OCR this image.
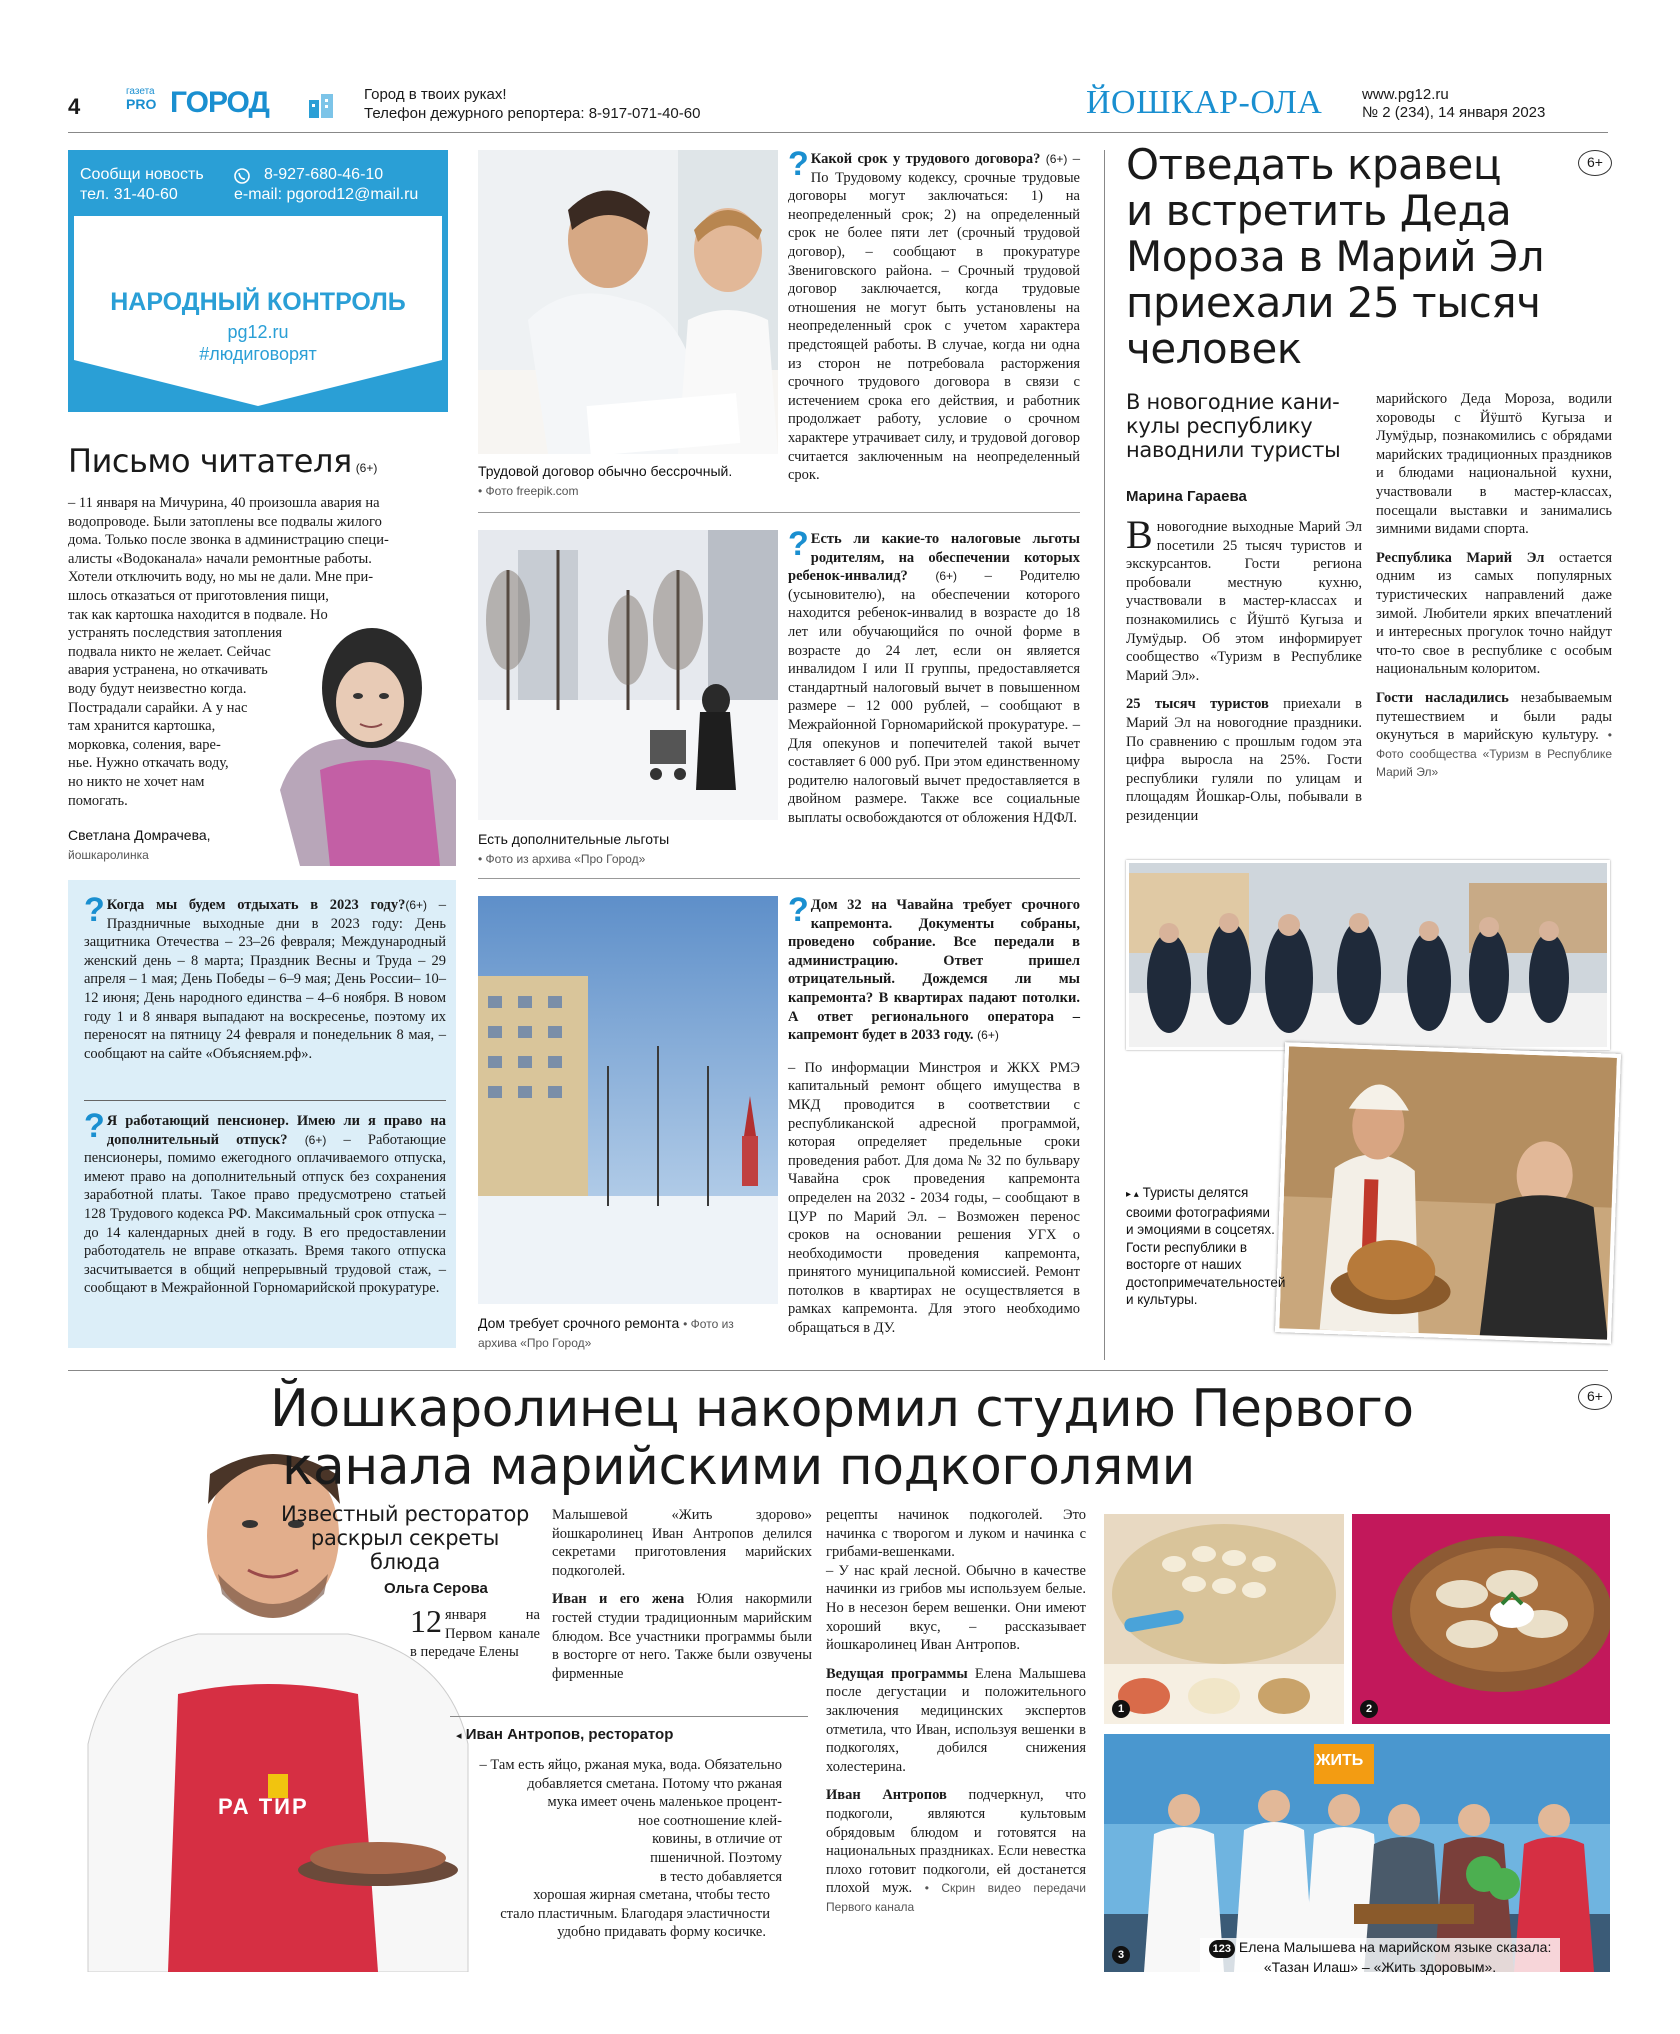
4
газета
PRO ГОРОД	Город в твоих руках!
Телефон дежурного репортера: 8-917-071-40-60	ЙОШКАР-ОЛА	www.pg12.ru
№ 2 (234), 14 января 2023
Сообщи новость
тел. 31-40-60
8-927-680-46-10
e-mail: pgorod12@mail.ru
НАРОДНЫЙ КОНТРОЛЬ
pg12.ru
#людиговорят
Письмо читателя (6+)
– 11 января на Мичурина, 40 произошла авария на
водопроводе. Были затоплены все подвалы жилого
дома. Только после звонка в администрацию специ-
алисты «Водоканала» начали ремонтные работы.
Хотели отключить воду, но мы не дали. Мне при-
шлось отказаться от приготовления пищи,
так как картошка находится в подвале. Но
устранять последствия затопления
подвала никто не желает. Сейчас
авария устранена, но откачивать
воду будут неизвестно когда.
Пострадали сарайки. А у нас
там хранится картошка,
морковка, соления, варе-
нье. Нужно откачать воду,
но никто не хочет нам
помогать.
Светлана Домрачева,
йошкаролинка
? Когда мы будем отдыхать в 2023 году?(6+) – Праздничные выходные дни в 2023 году: День защитника Отечества – 23–26 февраля; Международный женский день – 8 марта; Праздник Весны и Труда – 29 апреля – 1 мая; День Победы – 6–9 мая; День России– 10–12 июня; День народного единства – 4–6 ноября. В новом году 1 и 8 января выпадают на воскресенье, поэтому их переносят на пятницу 24 февраля и понедельник 8 мая, – сообщают на сайте «Объясняем.рф».
? Я работающий пенсионер. Имею ли я право на дополнительный отпуск? (6+) – Работающие пенсионеры, помимо ежегодного оплачиваемого отпуска, имеют право на дополнительный отпуск без сохранения заработной платы. Такое право предусмотрено статьей 128 Трудового кодекса РФ. Максимальный срок отпуска – до 14 календарных дней в году. В его предоставлении работодатель не вправе отказать. Время такого отпуска засчитывается в общий непрерывный трудовой стаж, – сообщают в Межрайонной Горномарийской прокуратуре.
Трудовой договор обычно бессрочный.
• Фото freepik.com
Есть дополнительные льготы
• Фото из архива «Про Город»
Дом требует срочного ремонта • Фото из
архива «Про Город»
? Какой срок у трудового договора? (6+) – По Трудовому кодексу, срочные трудовые договоры могут заключаться: 1) на неопределенный срок; 2) на определенный срок не более пяти лет (срочный трудовой договор), – сообщают в прокуратуре Звениговского района. – Срочный трудовой договор заключается, когда трудовые отношения не могут быть установлены на неопределенный срок с учетом характера предстоящей работы. В случае, когда ни одна из сторон не потребовала расторжения срочного трудового договора в связи с истечением срока его действия, и работник продолжает работу, условие о срочном характере утрачивает силу, и трудовой договор считается заключенным на неопределенный срок.
? Есть ли какие-то налоговые льготы родителям, на обеспечении которых ребенок-инвалид? (6+) – Родителю (усыновителю), на обеспечении которого находится ребенок-инвалид в возрасте до 18 лет или обучающийся по очной форме в возрасте до 24 лет, если он является инвалидом I или II группы, предоставляется стандартный налоговый вычет в повышенном размере – 12 000 рублей, – сообщают в Межрайонной Горномарийской прокуратуре. – Для опекунов и попечителей такой вычет составляет 6 000 руб. При этом единственному родителю налоговый вычет предоставляется в двойном размере. Также все социальные выплаты освобождаются от обложения НДФЛ.
? Дом 32 на Чавайна требует срочного капремонта. Документы собраны, проведено собрание. Все передали в администрацию. Ответ пришел отрицательный. Дождемся ли мы капремонта? В квартирах падают потолки. А ответ регионального оператора – капремонт будет в 2033 году. (6+)
– По информации Минстроя и ЖКХ РМЭ капитальный ремонт общего имущества в МКД проводится в соответствии с республиканской адресной программой, которая определяет предельные сроки проведения работ. Для дома № 32 по бульвару Чавайна срок проведения капремонта определен на 2032 - 2034 годы, – сообщают в ЦУР по Марий Эл. – Возможен перенос сроков на основании решения УГХ о необходимости проведения капремонта, принятого муниципальной комиссией. Ремонт потолков в квартирах не осуществляется в рамках капремонта. Для этого необходимо обращаться в ДУ.
Отведать кравец
и встретить Деда
Мороза в Марий Эл
приехали 25 тысяч
человек
6+
В новогодние кани-
кулы республику
наводнили туристы
Марина Гараева
Вновогодние выходные Марий Эл посетили 25 тысяч туристов и экскурсантов. Гости региона пробовали местную кухню, участвовали в мастер-классах и познакомились с Йӱштӧ Кугыза и Лумӱдыр. Об этом информирует сообщество «Туризм в Республике Марий Эл».
25 тысяч туристов приехали в Марий Эл на новогодние праздники. По сравнению с прошлым годом эта цифра выросла на 25%. Гости республики гуляли по улицам и площадям Йошкар-Олы, побывали в резиденции
марийского Деда Мороза, водили хороводы с Йӱштӧ Кугыза и Лумӱдыр, познакомились с обрядами марийских традиционных праздников и блюдами национальной кухни, участвовали в мастер-классах, посещали выставки и занимались зимними видами спорта.
Республика Марий Эл остается одним из самых популярных туристических направлений даже зимой. Любители ярких впечатлений и интересных прогулок точно найдут что-то свое в республике с особым национальным колоритом.
Гости насладились незабываемым путешествием и были рады окунуться в марийскую культуру. • Фото сообщества «Туризм в Республике Марий Эл»
▸ ▴ Туристы делятся своими фотографиями и эмоциями в соцсетях. Гости республики в восторге от наших достопримечательностей и культуры.
РА ТИР
Йошкаролинец накормил студию Первого
канала марийскими подкоголями
6+
Известный ресторатор
раскрыл секреты
блюда
Ольга Серова
12 января на Первом канале в передаче Елены
◂ Иван Антропов, ресторатор
– Там есть яйцо, ржаная мука, вода. Обязательно
добавляется сметана. Потому что ржаная
мука имеет очень маленькое процент-
ное соотношение клей-
ковины, в отличие от
пшеничной. Поэтому
в тесто добавляется
хорошая жирная сметана, чтобы тесто
стало пластичным. Благодаря эластичности
удобно придавать форму косичке.
Малышевой «Жить здоровo» йошкаролинец Иван Антропов делился секретами приготовления марийских подкоголей.
Иван и его жена Юлия накормили гостей студии традиционным марийским блюдом. Все участники программы были в восторге от него. Также были озвучены фирменные
рецепты начинок подкоголей. Это начинка с творогом и луком и начинка с грибами-вешенками.
– У нас край лесной. Обычно в качестве начинки из грибов мы используем белые. Но в несезон берем вешенки. Они имеют хороший вкус, – рассказывает йошкаролинец Иван Антропов.
Ведущая программы Елена Малышева после дегустации и положительного заключения медицинских экспертов отметила, что Иван, используя вешенки в подкоголях, добился снижения холестерина.
Иван Антропов подчеркнул, что подкоголи, являются культовым обрядовым блюдом и готовятся на национальных праздниках. Если невестка плохо готовит подкоголи, ей достанется плохой муж. • Скрин видео передачи Первого канала
1	2
ЖИТЬ
3	123 Елена Малышева на марийском языке сказала:
«Тазан Илаш» – «Жить здоровым».
